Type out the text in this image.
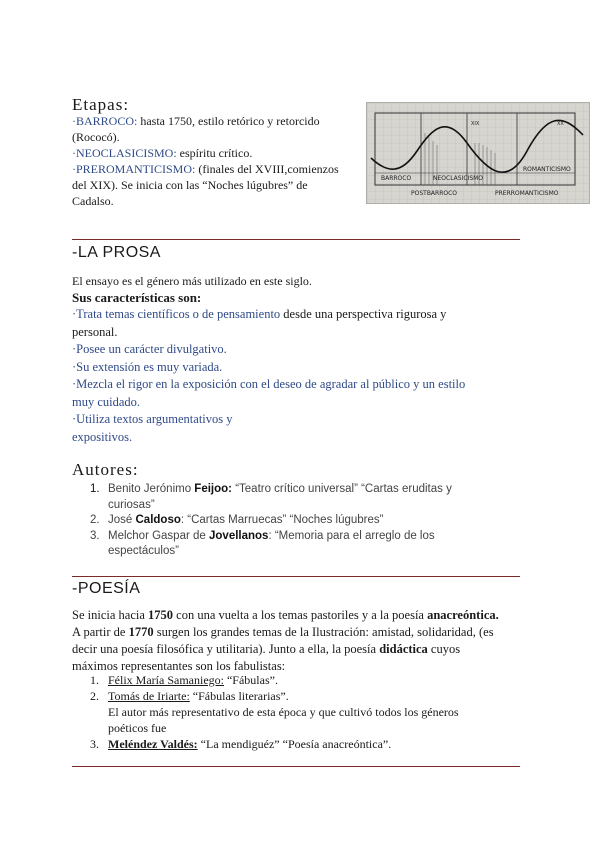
Etapas:
·BARROCO: hasta 1750, estilo retórico y retorcido
(Rococó).
·NEOCLASICISMO: espíritu crítico.
·PREROMANTICISMO: (finales del XVIII,comienzos
del XIX). Se inicia con las “Noches lúgubres” de
Cadalso.
BARROCO	NEOCLASICISMO
ROMANTICISMO
POSTBARROCO	PRERROMANTICISMO
XIX	XX
-LA PROSA
El ensayo es el género más utilizado en este siglo.
Sus características son:
·Trata temas científicos o de pensamiento desde una perspectiva rigurosa y
personal.
·Posee un carácter divulgativo.
·Su extensión es muy variada.
·Mezcla el rigor en la exposición con el deseo de agradar al público y un estilo
muy cuidado.
·Utiliza textos argumentativos y
expositivos.
Autores:
1. Benito Jerónimo Feijoo: “Teatro crítico universal” “Cartas eruditas y
curiosas”
2. José Caldoso: “Cartas Marruecas” “Noches lúgubres”
3. Melchor Gaspar de Jovellanos: “Memoria para el arreglo de los
espectáculos”
-POESÍA
Se inicia hacia 1750 con una vuelta a los temas pastoriles y a la poesía anacreóntica.
A partir de 1770 surgen los grandes temas de la Ilustración: amistad, solidaridad, (es
decir una poesía filosófica y utilitaria). Junto a ella, la poesía didáctica cuyos
máximos representantes son los fabulistas:
1. Félix María Samaniego: “Fábulas”.
2. Tomás de Iriarte: “Fábulas literarias”.
El autor más representativo de esta época y que cultivó todos los géneros
poéticos fue
3. Meléndez Valdés: “La mendiguéz” “Poesía anacreóntica”.
